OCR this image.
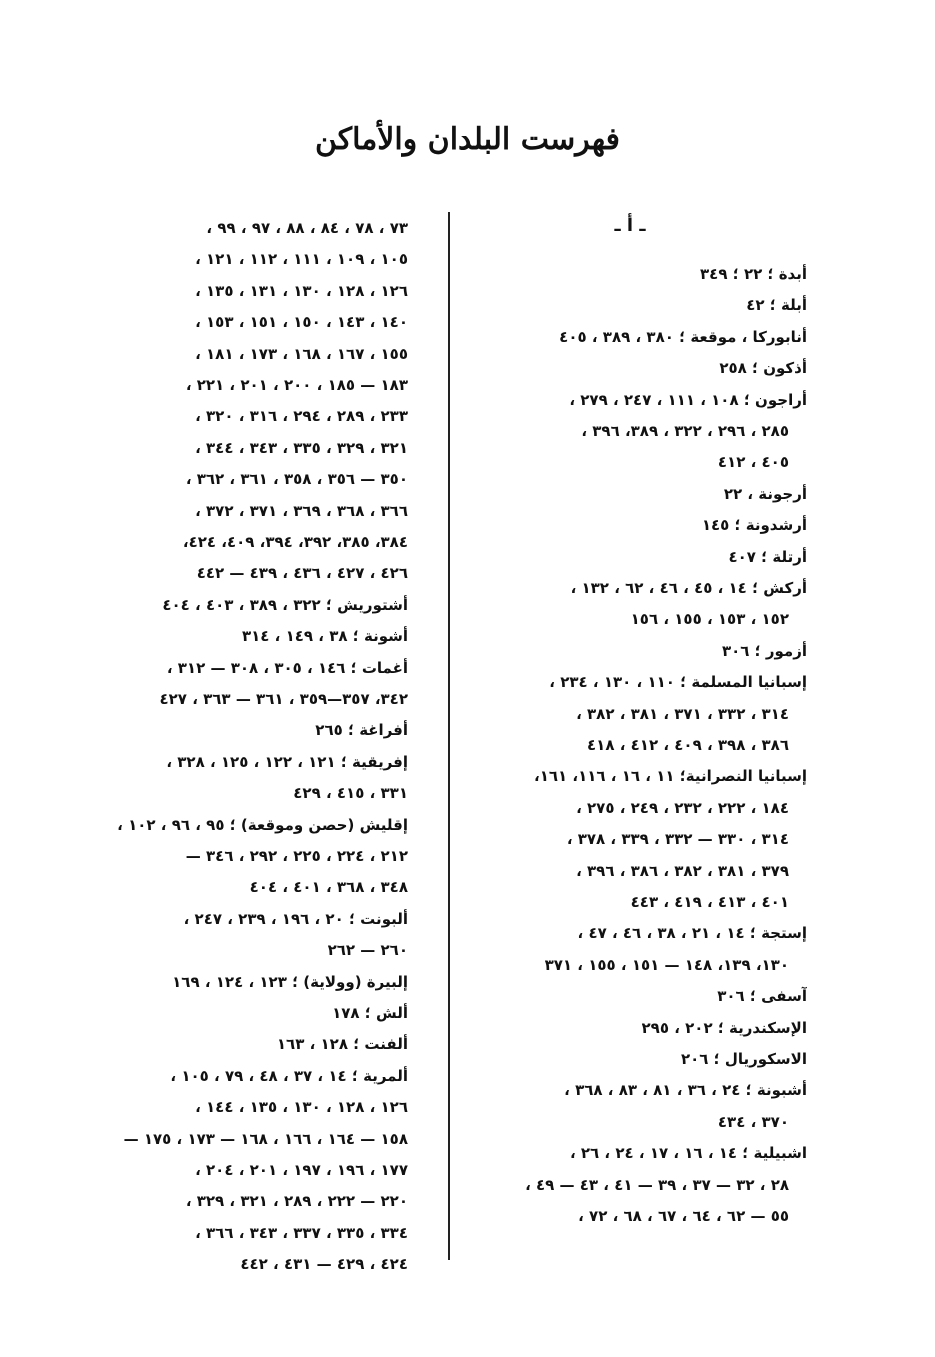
فهرست البلدان والأماكن
ـ أ ـ
أبدة ؛ ٢٢ ؛ ٣٤٩
أبلة ؛ ٤٢
أنابوركا ، موقعة ؛ ٣٨٠ ، ٣٨٩ ، ٤٠٥
أذكون ؛ ٢٥٨
أراجون ؛ ١٠٨ ، ١١١ ، ٢٤٧ ، ٢٧٩ ،
٢٨٥ ، ٢٩٦ ، ٣٢٢ ، ٣٨٩، ٣٩٦ ،
٤٠٥ ، ٤١٢
أرجونة ، ٢٢
أرشدونة ؛ ١٤٥
أرتلة ؛ ٤٠٧
أركش ؛ ١٤ ، ٤٥ ، ٤٦ ، ٦٢ ، ١٣٢ ،
١٥٢ ، ١٥٣ ، ١٥٥ ، ١٥٦
أزمور ؛ ٣٠٦
إسبانيا المسلمة ؛ ١١٠ ، ١٣٠ ، ٢٣٤ ،
٣١٤ ، ٣٣٢ ، ٣٧١ ، ٣٨١ ، ٣٨٢ ،
٣٨٦ ، ٣٩٨ ، ٤٠٩ ، ٤١٢ ، ٤١٨
إسبانيا النصرانية؛ ١١ ، ١٦ ، ١١٦، ١٦١،
١٨٤ ، ٢٢٢ ، ٢٣٢ ، ٢٤٩ ، ٢٧٥ ،
٣١٤ ، ٣٣٠ — ٣٣٢ ، ٣٣٩ ، ٣٧٨ ،
٣٧٩ ، ٣٨١ ، ٣٨٢ ، ٣٨٦ ، ٣٩٦ ،
٤٠١ ، ٤١٣ ، ٤١٩ ، ٤٤٣
إستجة ؛ ١٤ ، ٢١ ، ٣٨ ، ٤٦ ، ٤٧ ،
١٣٠، ١٣٩، ١٤٨ — ١٥١ ، ١٥٥ ، ٣٧١
آسفى ؛ ٣٠٦
الإسكندرية ؛ ٢٠٢ ، ٢٩٥
الاسكوريال ؛ ٢٠٦
أشبونة ؛ ٢٤ ، ٣٦ ، ٨١ ، ٨٣ ، ٣٦٨ ،
٣٧٠ ، ٤٣٤
اشبيلية ؛ ١٤ ، ١٦ ، ١٧ ، ٢٤ ، ٢٦ ،
٢٨ ، ٣٢ — ٣٧ ، ٣٩ — ٤١ ، ٤٣ — ٤٩ ،
٥٥ — ٦٢ ، ٦٤ ، ٦٧ ، ٦٨ ، ٧٢ ،
٧٣ ، ٧٨ ، ٨٤ ، ٨٨ ، ٩٧ ، ٩٩ ،
١٠٥ ، ١٠٩ ، ١١١ ، ١١٢ ، ١٢١ ،
١٢٦ ، ١٢٨ ، ١٣٠ ، ١٣١ ، ١٣٥ ،
١٤٠ ، ١٤٣ ، ١٥٠ ، ١٥١ ، ١٥٣ ،
١٥٥ ، ١٦٧ ، ١٦٨ ، ١٧٣ ، ١٨١ ،
١٨٣ — ١٨٥ ، ٢٠٠ ، ٢٠١ ، ٢٢١ ،
٢٣٣ ، ٢٨٩ ، ٢٩٤ ، ٣١٦ ، ٣٢٠ ،
٣٢١ ، ٣٢٩ ، ٣٣٥ ، ٣٤٣ ، ٣٤٤ ،
٣٥٠ — ٣٥٦ ، ٣٥٨ ، ٣٦١ ، ٣٦٢ ،
٣٦٦ ، ٣٦٨ ، ٣٦٩ ، ٣٧١ ، ٣٧٢ ،
٣٨٤، ٣٨٥، ٣٩٢، ٣٩٤، ٤٠٩، ٤٢٤،
٤٢٦ ، ٤٢٧ ، ٤٣٦ ، ٤٣٩ — ٤٤٢
أشتوريش ؛ ٣٢٢ ، ٣٨٩ ، ٤٠٣ ، ٤٠٤
أشونة ؛ ٣٨ ، ١٤٩ ، ٣١٤
أغمات ؛ ١٤٦ ، ٣٠٥ ، ٣٠٨ — ٣١٢ ،
٣٤٢، ٣٥٧—٣٥٩ ، ٣٦١ — ٣٦٣ ، ٤٢٧
أفراغة ؛ ٢٦٥
إفريقية ؛ ١٢١ ، ١٢٢ ، ١٢٥ ، ٣٢٨ ،
٣٣١ ، ٤١٥ ، ٤٢٩
إقليش (حصن وموقعة) ؛ ٩٥ ، ٩٦ ، ١٠٢ ،
٢١٢ ، ٢٢٤ ، ٢٢٥ ، ٢٩٢ ، ٣٤٦ —
٣٤٨ ، ٣٦٨ ، ٤٠١ ، ٤٠٤
ألبونت ؛ ٢٠ ، ١٩٦ ، ٢٣٩ ، ٢٤٧ ،
٢٦٠ — ٢٦٢
إلبيرة (وولاية) ؛ ١٢٣ ، ١٢٤ ، ١٦٩
ألش ؛ ١٧٨
ألفنت ؛ ١٢٨ ، ١٦٣
ألمرية ؛ ١٤ ، ٣٧ ، ٤٨ ، ٧٩ ، ١٠٥ ،
١٢٦ ، ١٢٨ ، ١٣٠ ، ١٣٥ ، ١٤٤ ،
١٥٨ — ١٦٤ ، ١٦٦ ، ١٦٨ — ١٧٣ ، ١٧٥ —
١٧٧ ، ١٩٦ ، ١٩٧ ، ٢٠١ ، ٢٠٤ ،
٢٢٠ — ٢٢٢ ، ٢٨٩ ، ٣٢١ ، ٣٢٩ ،
٣٣٤ ، ٣٣٥ ، ٣٣٧ ، ٣٤٣ ، ٣٦٦ ،
٤٢٤ ، ٤٢٩ — ٤٣١ ، ٤٤٢
